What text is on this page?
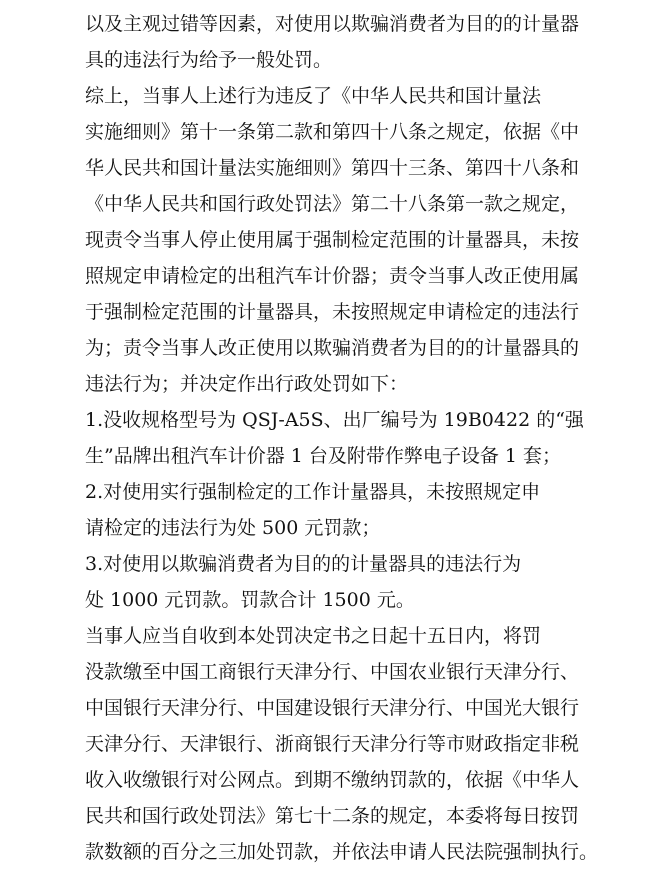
以及主观过错等因素，对使用以欺骗消费者为目的的计量器
具的违法行为给予一般处罚。
综上，当事人上述行为违反了《中华人民共和国计量法
实施细则》第十一条第二款和第四十八条之规定，依据《中
华人民共和国计量法实施细则》第四十三条、第四十八条和
《中华人民共和国行政处罚法》第二十八条第一款之规定，
现责令当事人停止使用属于强制检定范围的计量器具，未按
照规定申请检定的出租汽车计价器；责令当事人改正使用属
于强制检定范围的计量器具，未按照规定申请检定的违法行
为；责令当事人改正使用以欺骗消费者为目的的计量器具的
违法行为；并决定作出行政处罚如下：
1.没收规格型号为 QSJ-A5S、出厂编号为 19B0422 的“强
生”品牌出租汽车计价器 1 台及附带作弊电子设备 1 套；
2.对使用实行强制检定的工作计量器具，未按照规定申
请检定的违法行为处 500 元罚款；
3.对使用以欺骗消费者为目的的计量器具的违法行为
处 1000 元罚款。罚款合计 1500 元。
当事人应当自收到本处罚决定书之日起十五日内，将罚
没款缴至中国工商银行天津分行、中国农业银行天津分行、
中国银行天津分行、中国建设银行天津分行、中国光大银行
天津分行、天津银行、浙商银行天津分行等市财政指定非税
收入收缴银行对公网点。到期不缴纳罚款的，依据《中华人
民共和国行政处罚法》第七十二条的规定，本委将每日按罚
款数额的百分之三加处罚款，并依法申请人民法院强制执行。
